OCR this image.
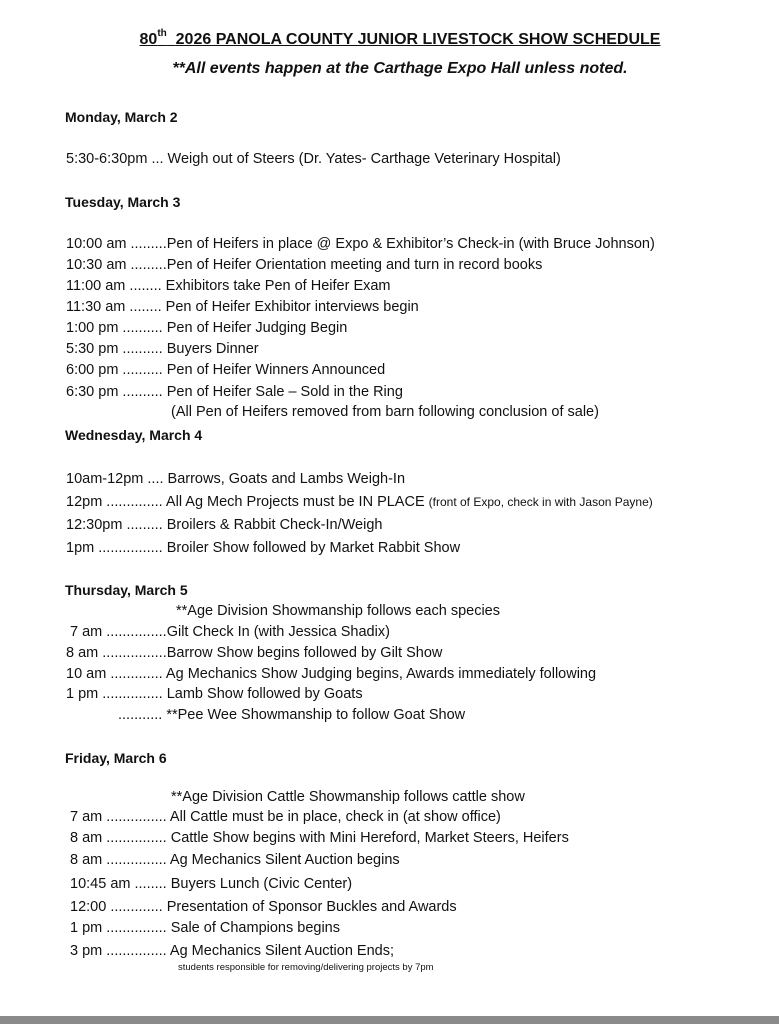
80th 2026 PANOLA COUNTY JUNIOR LIVESTOCK SHOW SCHEDULE
**All events happen at the Carthage Expo Hall unless noted.
Monday, March 2
5:30-6:30pm ... Weigh out of Steers (Dr. Yates- Carthage Veterinary Hospital)
Tuesday, March 3
10:00 am .........Pen of Heifers in place @ Expo & Exhibitor’s Check-in (with Bruce Johnson)
10:30 am .........Pen of Heifer Orientation meeting and turn in record books
11:00 am ........ Exhibitors take Pen of Heifer Exam
11:30 am ........ Pen of Heifer Exhibitor interviews begin
1:00 pm .......... Pen of Heifer Judging Begin
5:30 pm .......... Buyers Dinner
6:00 pm .......... Pen of Heifer Winners Announced
6:30 pm .......... Pen of Heifer Sale – Sold in the Ring
(All Pen of Heifers removed from barn following conclusion of sale)
Wednesday, March 4
10am-12pm .... Barrows, Goats and Lambs Weigh-In
12pm .............. All Ag Mech Projects must be IN PLACE (front of Expo, check in with Jason Payne)
12:30pm ......... Broilers & Rabbit Check-In/Weigh
1pm ................ Broiler Show followed by Market Rabbit Show
Thursday, March 5
**Age Division Showmanship follows each species
7 am ...............Gilt Check In (with Jessica Shadix)
8 am ................Barrow Show begins followed by Gilt Show
10 am ............. Ag Mechanics Show Judging begins, Awards immediately following
1 pm ............... Lamb Show followed by Goats
........... **Pee Wee Showmanship to follow Goat Show
Friday, March 6
**Age Division Cattle Showmanship follows cattle show
7 am ............... All Cattle must be in place, check in (at show office)
8 am ............... Cattle Show begins with Mini Hereford, Market Steers, Heifers
8 am ............... Ag Mechanics Silent Auction begins
10:45 am ........ Buyers Lunch (Civic Center)
12:00 ............. Presentation of Sponsor Buckles and Awards
1 pm ............... Sale of Champions begins
3 pm ............... Ag Mechanics Silent Auction Ends;
students responsible for removing/delivering projects by 7pm
